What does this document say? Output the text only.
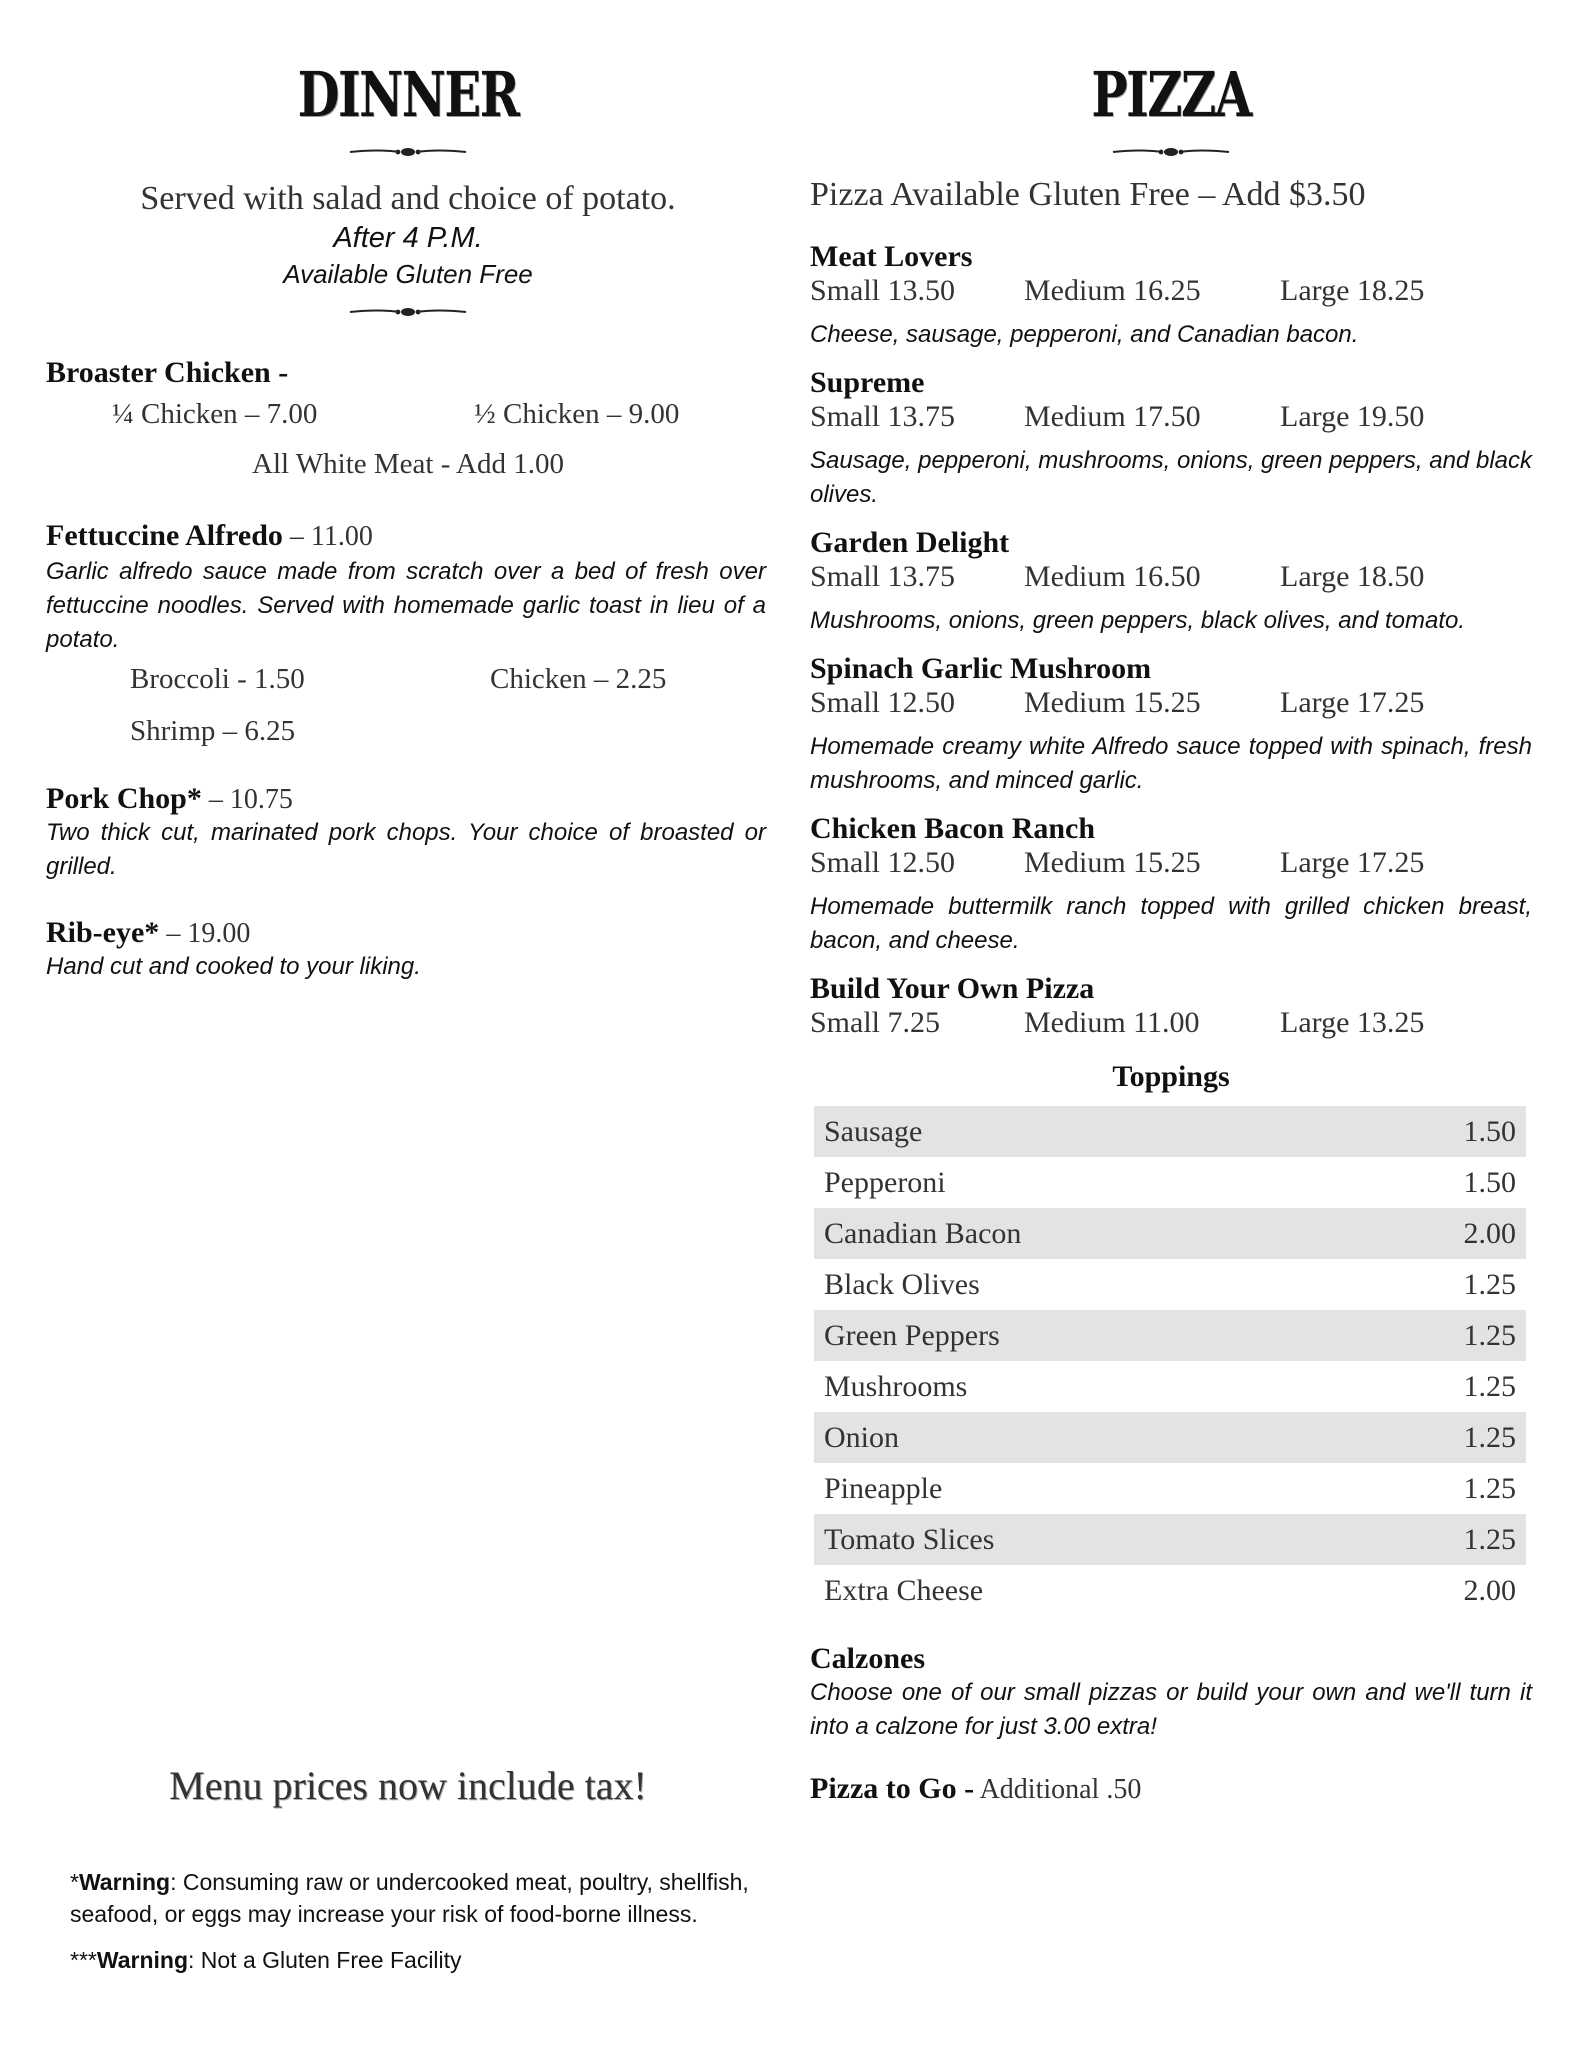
DINNER
Served with salad and choice of potato.
After 4 P.M.
Available Gluten Free
Broaster Chicken -
¼ Chicken – 7.00	½ Chicken – 9.00
All White Meat - Add 1.00
Fettuccine Alfredo – 11.00
Garlic alfredo sauce made from scratch over a bed of fresh over fettuccine noodles. Served with homemade garlic toast in lieu of a potato.
Broccoli - 1.50	Chicken – 2.25
Shrimp – 6.25
Pork Chop* – 10.75
Two thick cut, marinated pork chops. Your choice of broasted or grilled.
Rib-eye* – 19.00
Hand cut and cooked to your liking.
Menu prices now include tax!
*Warning: Consuming raw or undercooked meat, poultry, shellfish, seafood, or eggs may increase your risk of food-borne illness.
***Warning: Not a Gluten Free Facility
PIZZA
Pizza Available Gluten Free – Add $3.50
Meat Lovers
Small 13.50 Medium 16.25	Large 18.25
Cheese, sausage, pepperoni, and Canadian bacon.
Supreme
Small 13.75 Medium 17.50	Large 19.50
Sausage, pepperoni, mushrooms, onions, green peppers, and black olives.
Garden Delight
Small 13.75 Medium 16.50	Large 18.50
Mushrooms, onions, green peppers, black olives, and tomato.
Spinach Garlic Mushroom
Small 12.50 Medium 15.25	Large 17.25
Homemade creamy white Alfredo sauce topped with spinach, fresh mushrooms, and minced garlic.
Chicken Bacon Ranch
Small 12.50 Medium 15.25	Large 17.25
Homemade buttermilk ranch topped with grilled chicken breast, bacon, and cheese.
Build Your Own Pizza
Small 7.25	Medium 11.00	Large 13.25
Toppings
Sausage	1.50
Pepperoni	1.50
Canadian Bacon	2.00
Black Olives	1.25
Green Peppers	1.25
Mushrooms	1.25
Onion	1.25
Pineapple	1.25
Tomato Slices	1.25
Extra Cheese	2.00
Calzones
Choose one of our small pizzas or build your own and we'll turn it into a calzone for just 3.00 extra!
Pizza to Go - Additional .50
